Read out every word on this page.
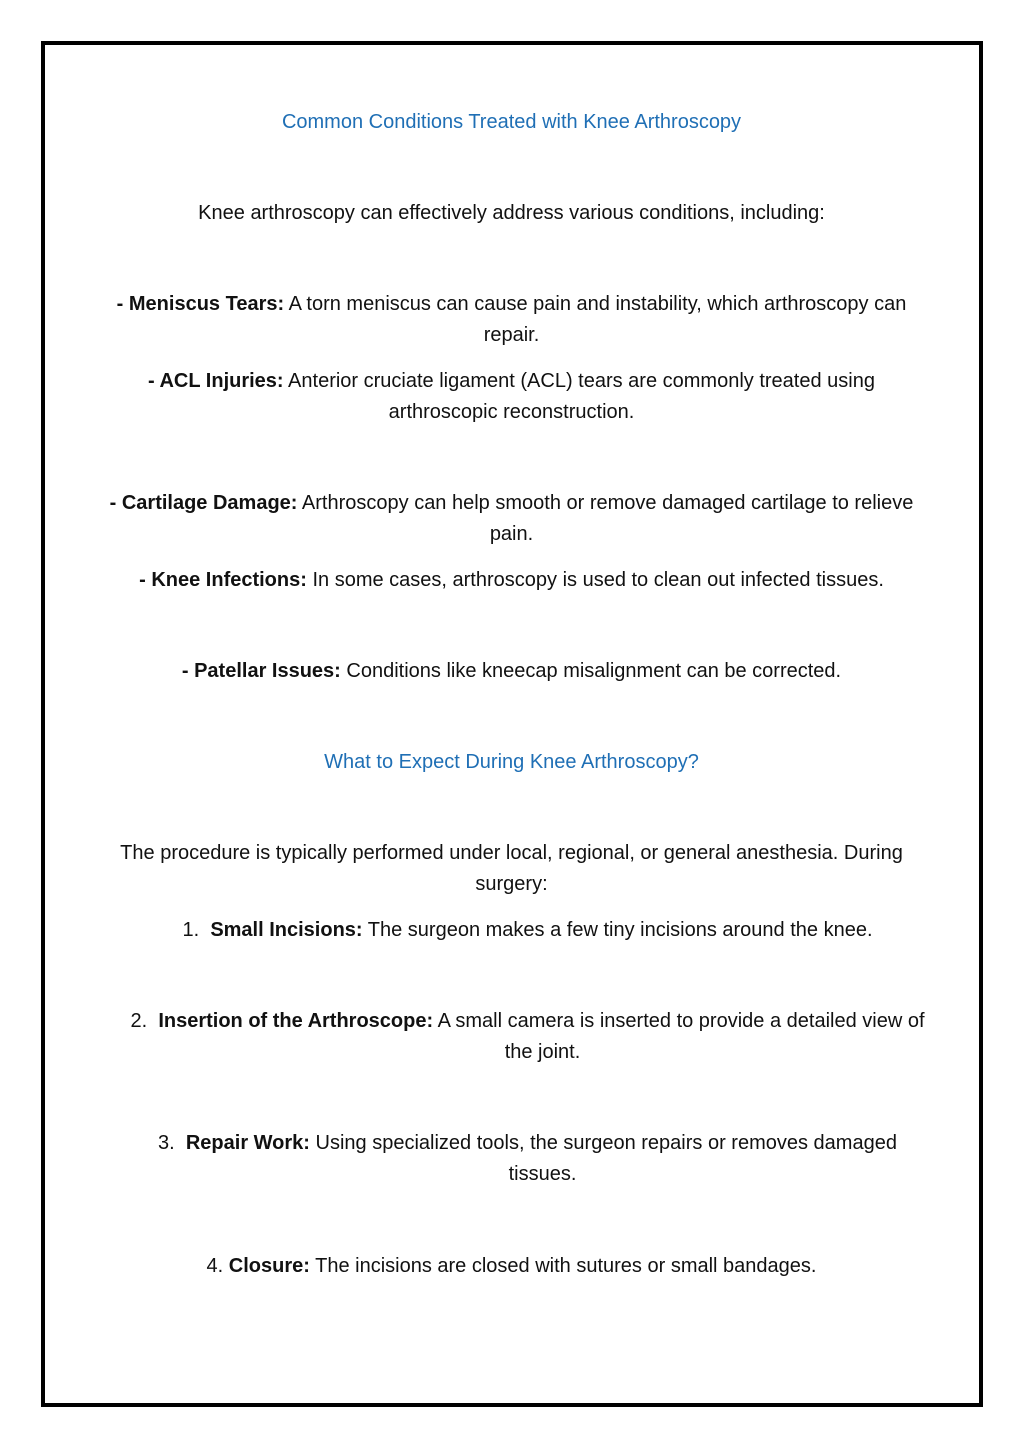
Common Conditions Treated with Knee Arthroscopy
Knee arthroscopy can effectively address various conditions, including:
- Meniscus Tears: A torn meniscus can cause pain and instability, which arthroscopy can
repair.
- ACL Injuries: Anterior cruciate ligament (ACL) tears are commonly treated using
arthroscopic reconstruction.
- Cartilage Damage: Arthroscopy can help smooth or remove damaged cartilage to relieve
pain.
- Knee Infections: In some cases, arthroscopy is used to clean out infected tissues.
- Patellar Issues: Conditions like kneecap misalignment can be corrected.
What to Expect During Knee Arthroscopy?
The procedure is typically performed under local, regional, or general anesthesia. During
surgery:
1. Small Incisions: The surgeon makes a few tiny incisions around the knee.
2. Insertion of the Arthroscope: A small camera is inserted to provide a detailed view of
the joint.
3. Repair Work: Using specialized tools, the surgeon repairs or removes damaged
tissues.
4. Closure: The incisions are closed with sutures or small bandages.
